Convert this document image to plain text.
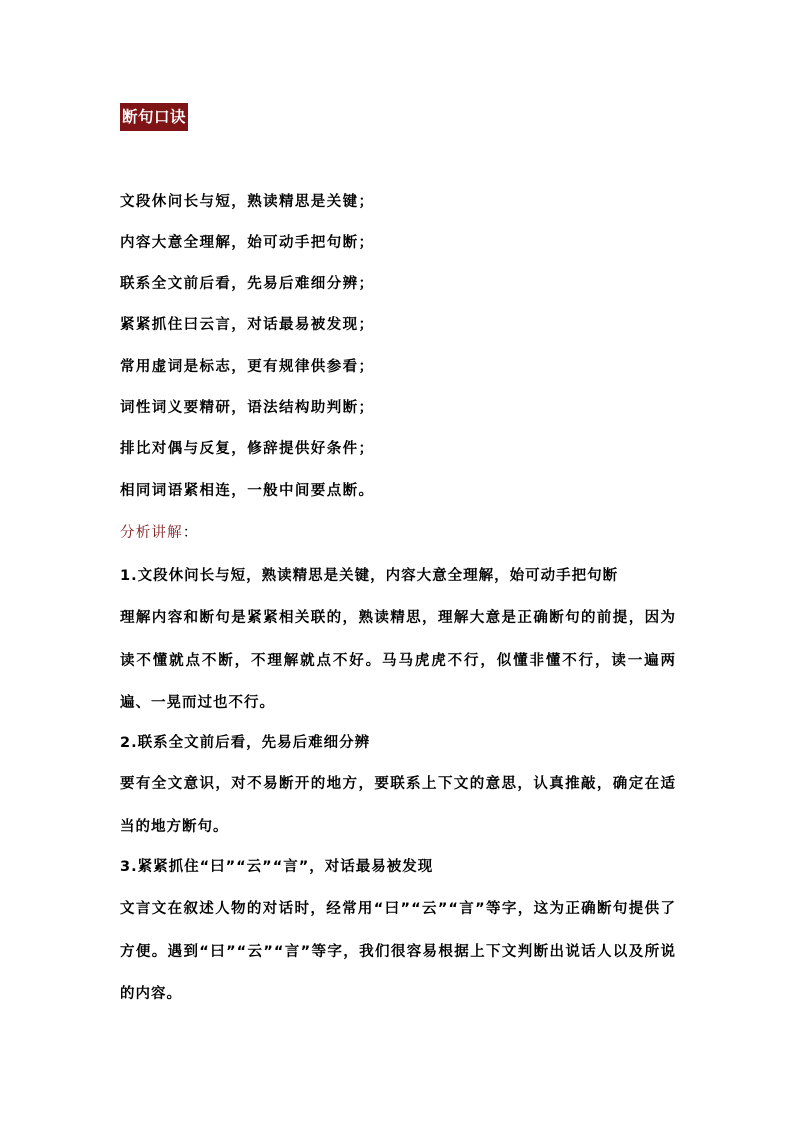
断句口诀
文段休问长与短，熟读精思是关键；
内容大意全理解，始可动手把句断；
联系全文前后看，先易后难细分辨；
紧紧抓住曰云言，对话最易被发现；
常用虚词是标志，更有规律供参看；
词性词义要精研，语法结构助判断；
排比对偶与反复，修辞提供好条件；
相同词语紧相连，一般中间要点断。
分析讲解：
1.文段休问长与短，熟读精思是关键，内容大意全理解，始可动手把句断
理解内容和断句是紧紧相关联的，熟读精思，理解大意是正确断句的前提，因为读不懂就点不断，不理解就点不好。马马虎虎不行，似懂非懂不行，读一遍两遍、一晃而过也不行。
2.联系全文前后看，先易后难细分辨
要有全文意识，对不易断开的地方，要联系上下文的意思，认真推敲，确定在适当的地方断句。
3.紧紧抓住“曰”“云”“言”，对话最易被发现
文言文在叙述人物的对话时，经常用“曰”“云”“言”等字，这为正确断句提供了方便。遇到“曰”“云”“言”等字，我们很容易根据上下文判断出说话人以及所说的内容。
